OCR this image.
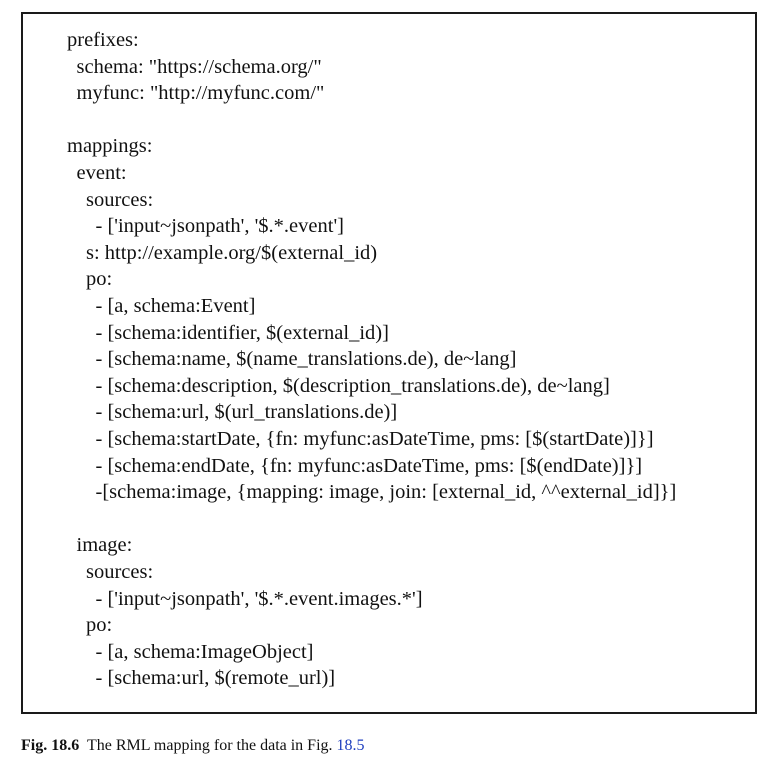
prefixes:
schema: "https://schema.org/"
myfunc: "http://myfunc.com/"
mappings:
event:
sources:
- ['input~jsonpath', '$.*.event']
s: http://example.org/$(external_id)
po:
- [a, schema:Event]
- [schema:identifier, $(external_id)]
- [schema:name, $(name_translations.de), de~lang]
- [schema:description, $(description_translations.de), de~lang]
- [schema:url, $(url_translations.de)]
- [schema:startDate, {fn: myfunc:asDateTime, pms: [$(startDate)]}]
- [schema:endDate, {fn: myfunc:asDateTime, pms: [$(endDate)]}]
-[schema:image, {mapping: image, join: [external_id, ^^external_id]}]
image:
sources:
- ['input~jsonpath', '$.*.event.images.*']
po:
- [a, schema:ImageObject]
- [schema:url, $(remote_url)]
Fig. 18.6 The RML mapping for the data in Fig. 18.5
